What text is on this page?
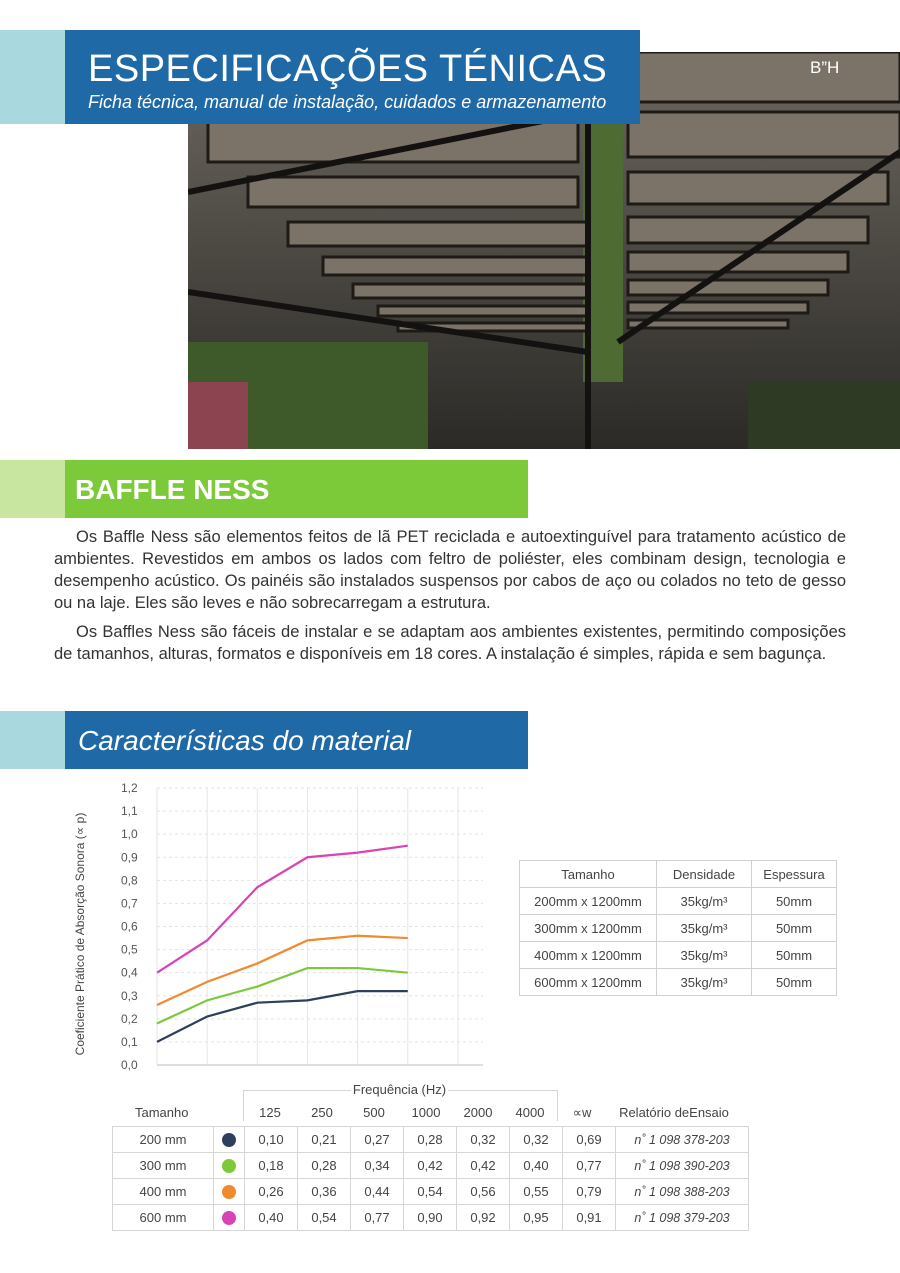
ESPECIFICAÇÕES TÉNICAS
Ficha técnica, manual de instalação, cuidados e armazenamento
B”H
BAFFLE NESS

Os Baffle Ness são elementos feitos de lã PET reciclada e autoextinguível para tratamento acústico de ambientes. Revestidos em ambos os lados com feltro de poliéster, eles combinam design, tecnologia e desempenho acústico. Os painéis são instalados suspensos por cabos de aço ou colados no teto de gesso ou na laje. Eles são leves e não sobrecarregam a estrutura.

Os Baffles Ness são fáceis de instalar e se adaptam aos ambientes existentes, permitindo composições de tamanhos, alturas, formatos e disponíveis em 18 cores. A instalação é simples, rápida e sem bagunça.

Características do material
0,0
0,1
0,2
0,3
0,4
0,5
0,6
0,7
0,8
0,9
1,0
1,1
1,2
Coeficiente Prático de Absorção Sonora (∝ p)	Tamanho	Densidade	Espessura
200mm x 1200mm	35kg/m³	50mm
300mm x 1200mm	35kg/m³	50mm
400mm x 1200mm	35kg/m³	50mm
600mm x 1200mm	35kg/m³	50mm
Frequência (Hz)
Tamanho	125	250	500	1000	2000	4000	∝w	Relatório deEnsaio
200 mm		0,10	0,21	0,27	0,28	0,32	0,32	0,69	n˚ 1 098 378-203
300 mm		0,18	0,28	0,34	0,42	0,42	0,40	0,77	n˚ 1 098 390-203
400 mm		0,26	0,36	0,44	0,54	0,56	0,55	0,79	n˚ 1 098 388-203
600 mm		0,40	0,54	0,77	0,90	0,92	0,95	0,91	n˚ 1 098 379-203
